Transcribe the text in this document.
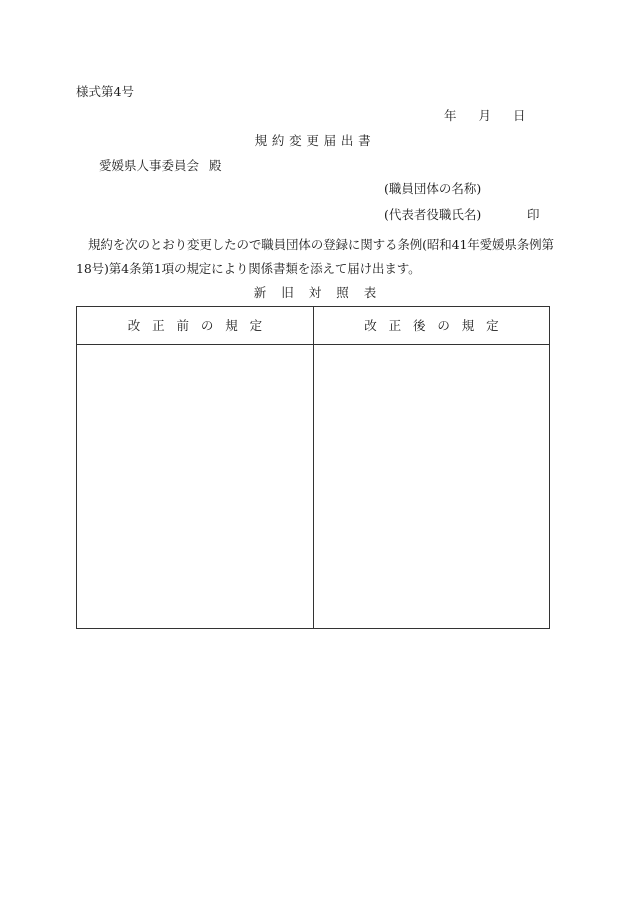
様式第4号
年 月 日
規約変更届出書
愛媛県人事委員会 殿
(職員団体の名称)
(代表者役職氏名)	印
規約を次のとおり変更したので職員団体の登録に関する条例(昭和41年愛媛県条例第18号)第4条第1項の規定により関係書類を添えて届け出ます。
新旧対照表
改正前の規定	改正後の規定
